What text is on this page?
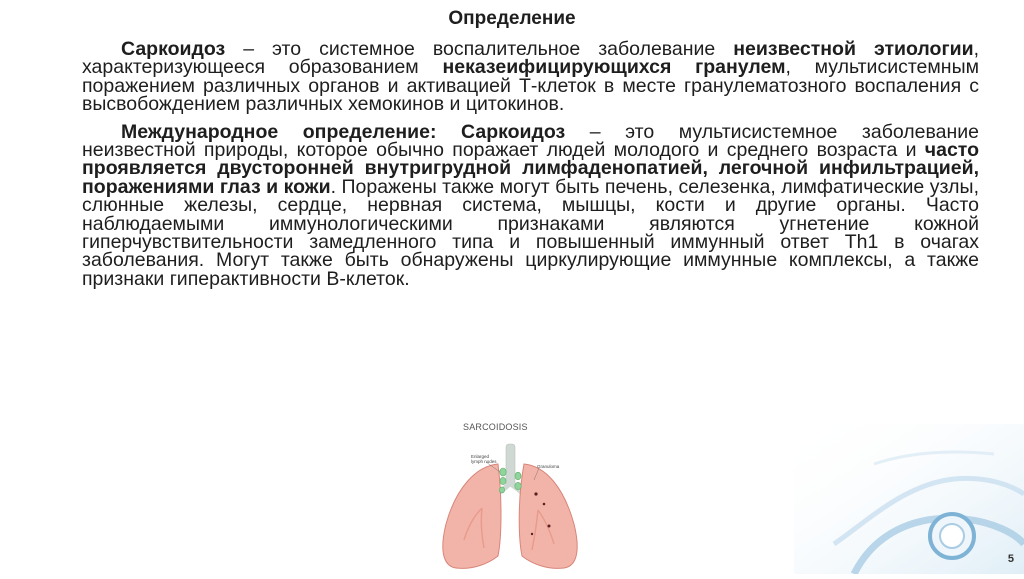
Определение

Саркоидоз – это системное воспалительное заболевание неизвестной этиологии, характеризующееся образованием неказеифицирующихся гранулем, мультисистемным поражением различных органов и активацией Т-клеток в месте гранулематозного воспаления с высвобождением различных хемокинов и цитокинов.

Международное определение: Саркоидоз – это мультисистемное заболевание неизвестной природы, которое обычно поражает людей молодого и среднего возраста и часто проявляется двусторонней внутригрудной лимфаденопатией, легочной инфильтрацией, поражениями глаз и кожи. Поражены также могут быть печень, селезенка, лимфатические узлы, слюнные железы, сердце, нервная система, мышцы, кости и другие органы. Часто наблюдаемыми иммунологическими признаками являются угнетение кожной гиперчувствительности замедленного типа и повышенный иммунный ответ Th1 в очагах заболевания. Могут также быть обнаружены циркулирующие иммунные комплексы, а также признаки гиперактивности В-клеток.

SARCOIDOSIS
Enlarged
lymph nodes
Granuloma
5
